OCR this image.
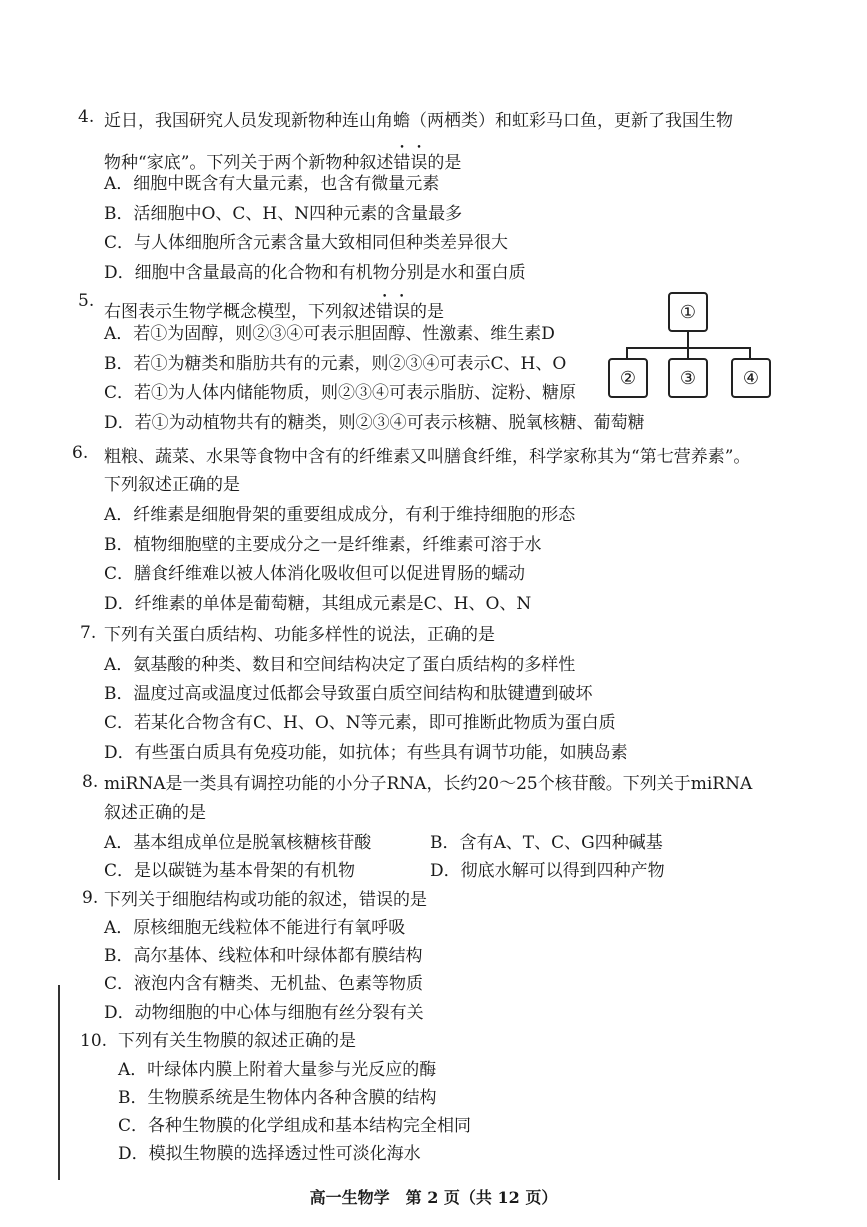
4. 近日，我国研究人员发现新物种连山角蟾（两栖类）和虹彩马口鱼，更新了我国生物
物种“家底”。下列关于两个新物种叙述错误的是
A．细胞中既含有大量元素，也含有微量元素
B．活细胞中O、C、H、N四种元素的含量最多
C．与人体细胞所含元素含量大致相同但种类差异很大
D．细胞中含量最高的化合物和有机物分别是水和蛋白质
5.
右图表示生物学概念模型，下列叙述错误的是
A．若①为固醇，则②③④可表示胆固醇、性激素、维生素D
B．若①为糖类和脂肪共有的元素，则②③④可表示C、H、O
C．若①为人体内储能物质，则②③④可表示脂肪、淀粉、糖原
D．若①为动植物共有的糖类，则②③④可表示核糖、脱氧核糖、葡萄糖
①
②	③	④
6. 粗粮、蔬菜、水果等食物中含有的纤维素又叫膳食纤维，科学家称其为“第七营养素”。
下列叙述正确的是
A．纤维素是细胞骨架的重要组成成分，有利于维持细胞的形态
B．植物细胞壁的主要成分之一是纤维素，纤维素可溶于水
C．膳食纤维难以被人体消化吸收但可以促进胃肠的蠕动
D．纤维素的单体是葡萄糖，其组成元素是C、H、O、N
7. 下列有关蛋白质结构、功能多样性的说法，正确的是
A．氨基酸的种类、数目和空间结构决定了蛋白质结构的多样性
B．温度过高或温度过低都会导致蛋白质空间结构和肽键遭到破坏
C．若某化合物含有C、H、O、N等元素，即可推断此物质为蛋白质
D．有些蛋白质具有免疫功能，如抗体；有些具有调节功能，如胰岛素
8. miRNA是一类具有调控功能的小分子RNA，长约20～25个核苷酸。下列关于miRNA
叙述正确的是
A．基本组成单位是脱氧核糖核苷酸	B．含有A、T、C、G四种碱基
C．是以碳链为基本骨架的有机物	D．彻底水解可以得到四种产物
9. 下列关于细胞结构或功能的叙述，错误的是
A．原核细胞无线粒体不能进行有氧呼吸
B．高尔基体、线粒体和叶绿体都有膜结构
C．液泡内含有糖类、无机盐、色素等物质
D．动物细胞的中心体与细胞有丝分裂有关
10. 下列有关生物膜的叙述正确的是
A．叶绿体内膜上附着大量参与光反应的酶
B．生物膜系统是生物体内各种含膜的结构
C．各种生物膜的化学组成和基本结构完全相同
D．模拟生物膜的选择透过性可淡化海水
高一生物学　第 2 页（共 12 页）
